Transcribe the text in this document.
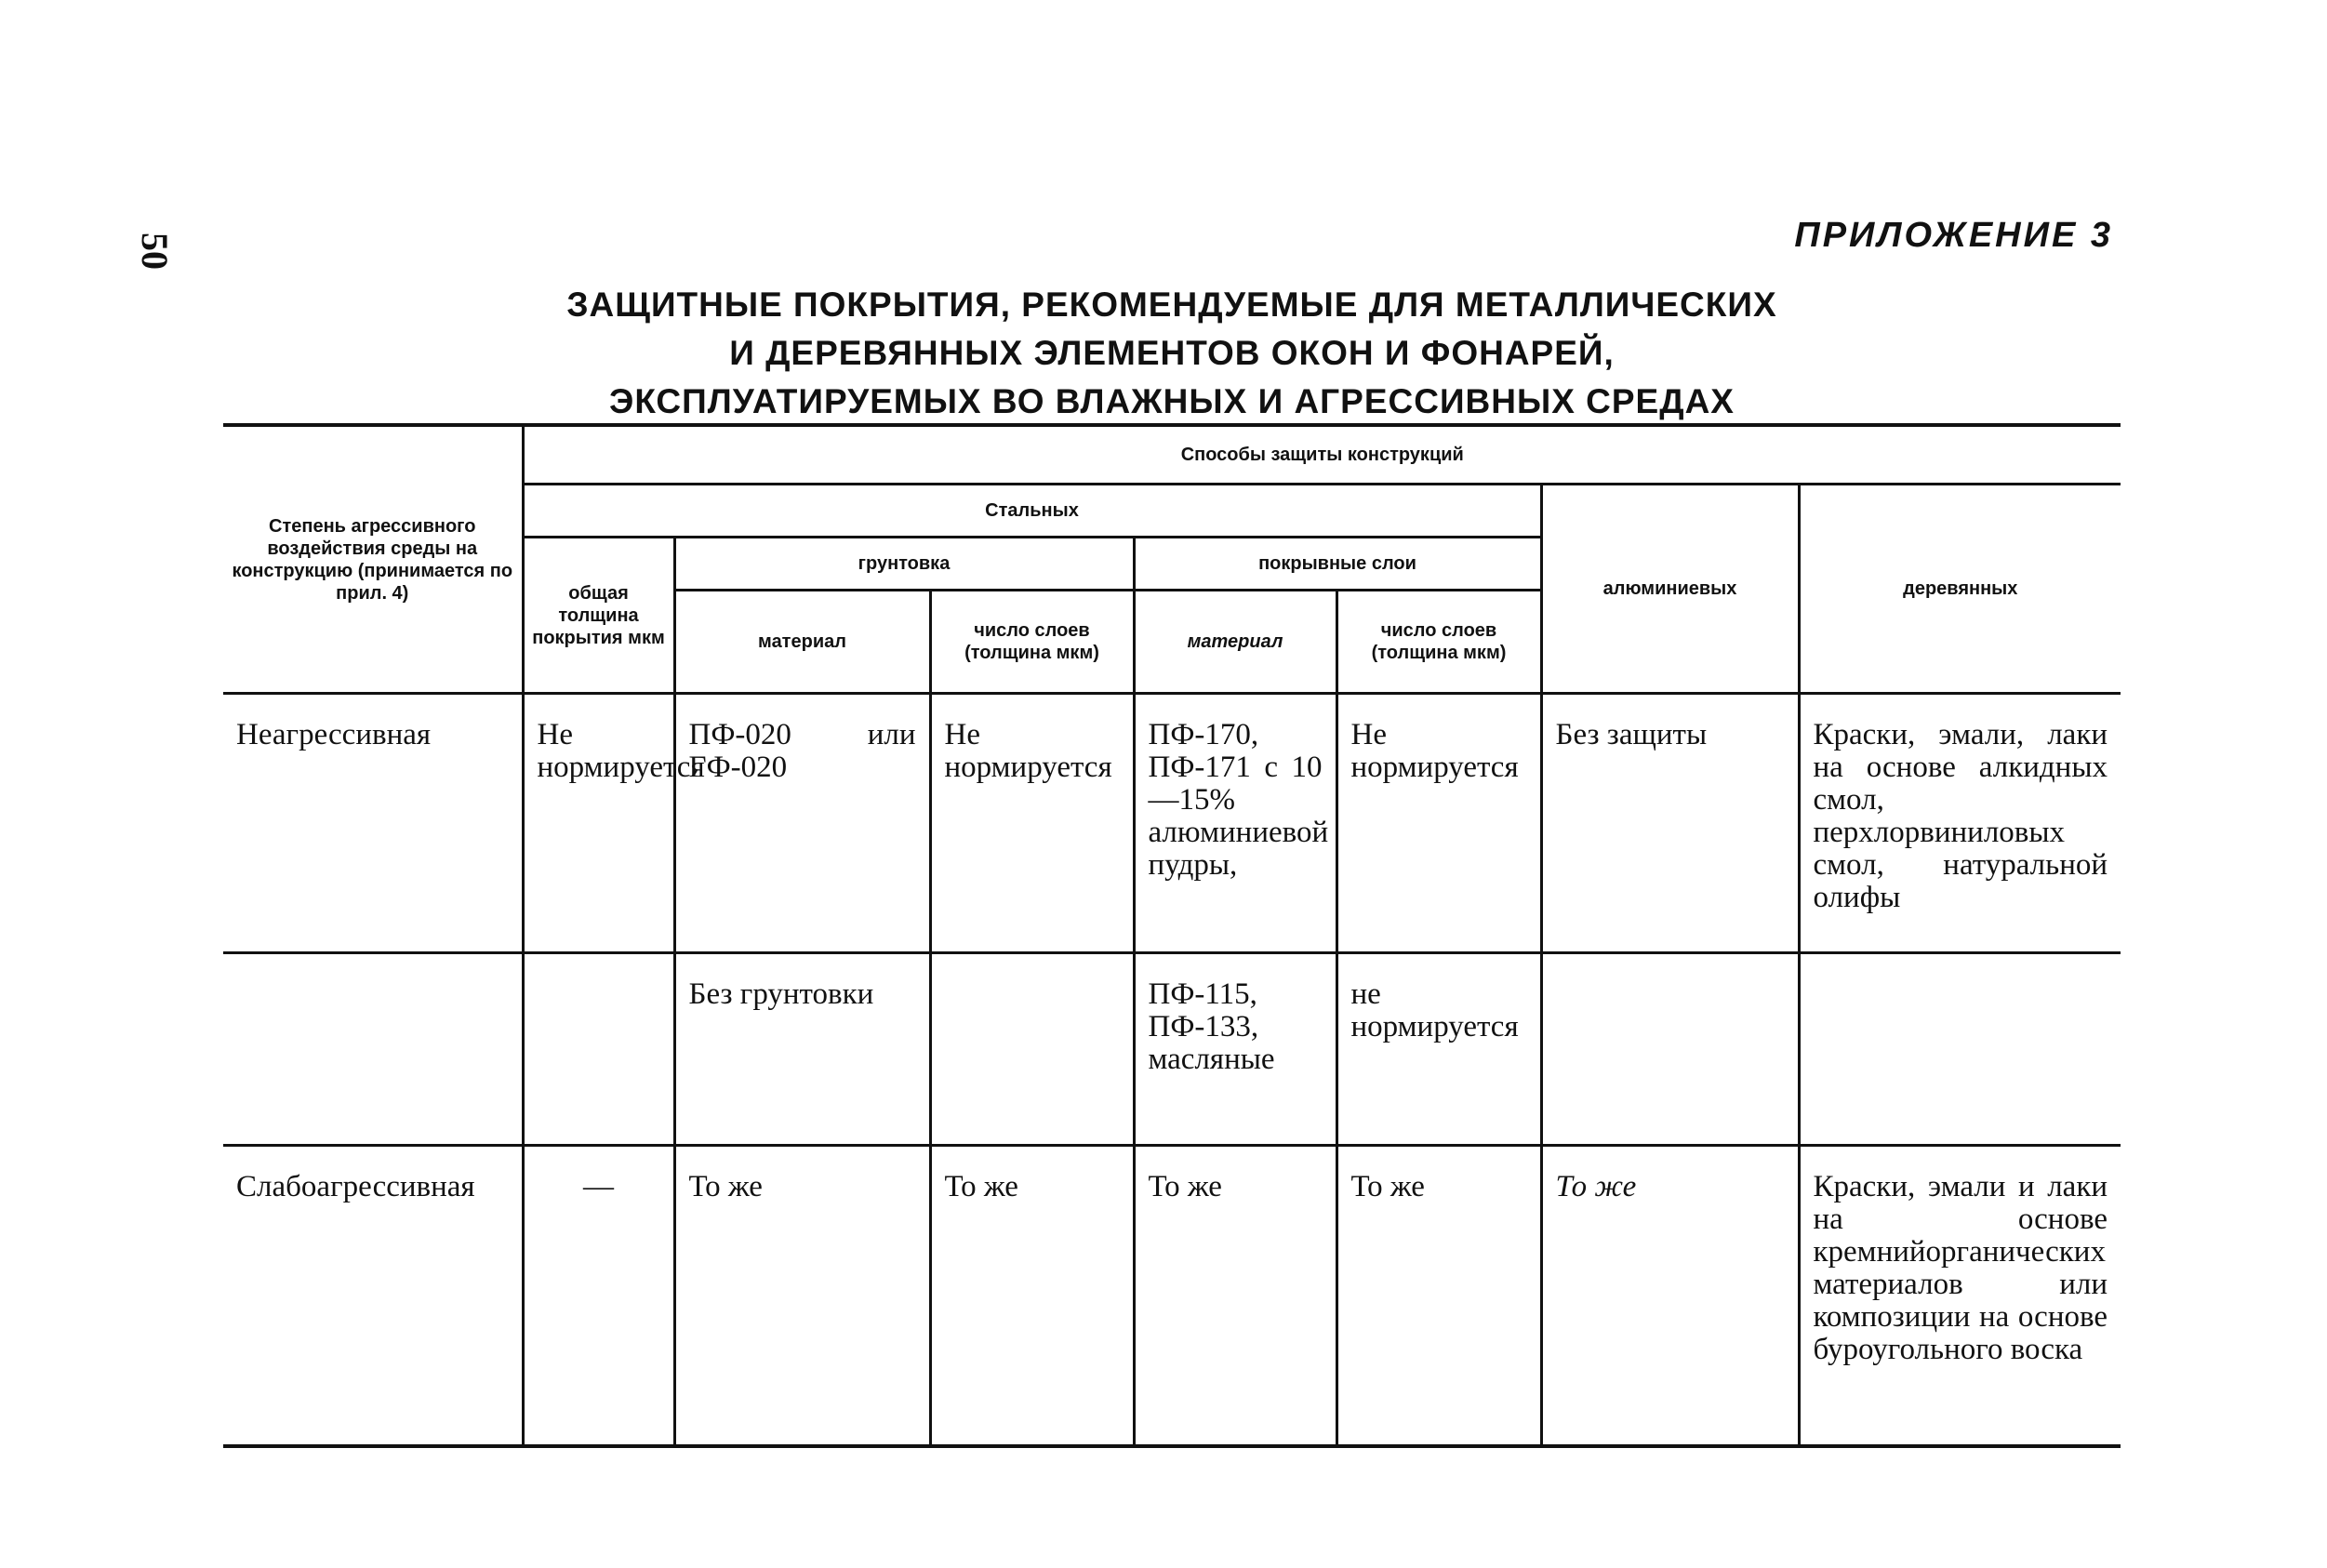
50	ПРИЛОЖЕНИЕ 3
ЗАЩИТНЫЕ ПОКРЫТИЯ, РЕКОМЕНДУЕМЫЕ ДЛЯ МЕТАЛЛИЧЕСКИХ
И ДЕРЕВЯННЫХ ЭЛЕМЕНТОВ ОКОН И ФОНАРЕЙ,
ЭКСПЛУАТИРУЕМЫХ ВО ВЛАЖНЫХ И АГРЕССИВНЫХ СРЕДАХ
Степень агрессивного воздействия среды на конструкцию (принимается по прил. 4)	Способы защиты конструкций						
	Стальных					алюминиевых	деревянных
	общая толщина покрытия мкм	грунтовка		покрывные слои			
		материал	число слоев (толщина мкм)	материал	число слоев (толщина мкм)		
Неагрессивная	Не нормируется	ПФ-020 или ГФ-020	Не нормируется	ПФ-170, ПФ-171 с 10—15% алюминиевой пудры,	Не нормируется	Без защиты	Краски, эмали, лаки на основе алкидных смол, перхлорвиниловых смол, натуральной олифы
		Без грунтовки		ПФ-115, ПФ-133, масляные	не нормируется		
Слабоагрессивная	—	То же	То же	То же	То же	То же	Краски, эмали и лаки на основе кремнийорганических материалов или композиции на основе буроугольного воска
